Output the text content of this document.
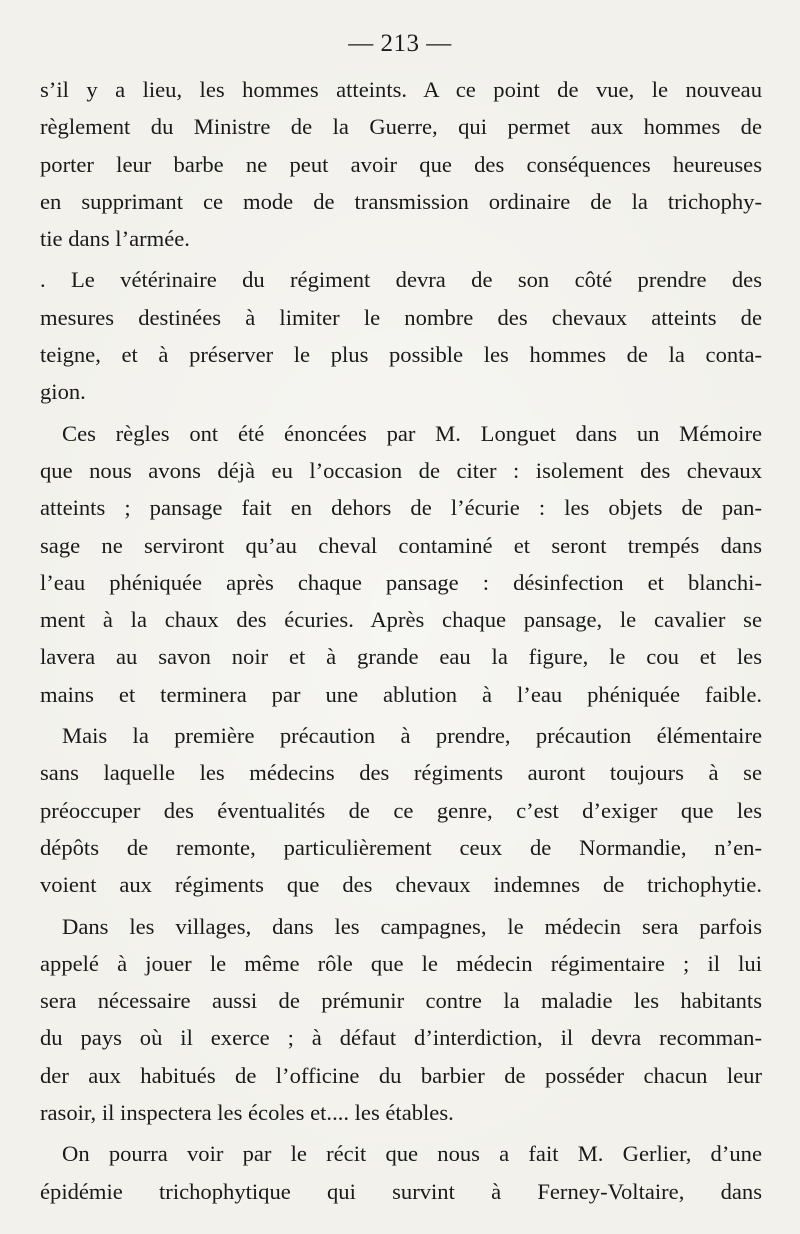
— 213 —
s’il y a lieu, les hommes atteints. A ce point de vue, le nouveau
règlement du Ministre de la Guerre, qui permet aux hommes de
porter leur barbe ne peut avoir que des conséquences heureuses
en supprimant ce mode de transmission ordinaire de la trichophy-
tie dans l’armée.
. Le vétérinaire du régiment devra de son côté prendre des
mesures destinées à limiter le nombre des chevaux atteints de
teigne, et à préserver le plus possible les hommes de la conta-
gion.
Ces règles ont été énoncées par M. Longuet dans un Mémoire
que nous avons déjà eu l’occasion de citer : isolement des chevaux
atteints ; pansage fait en dehors de l’écurie : les objets de pan-
sage ne serviront qu’au cheval contaminé et seront trempés dans
l’eau phéniquée après chaque pansage : désinfection et blanchi-
ment à la chaux des écuries. Après chaque pansage, le cavalier se
lavera au savon noir et à grande eau la figure, le cou et les
mains et terminera par une ablution à l’eau phéniquée faible.
Mais la première précaution à prendre, précaution élémentaire
sans laquelle les médecins des régiments auront toujours à se
préoccuper des éventualités de ce genre, c’est d’exiger que les
dépôts de remonte, particulièrement ceux de Normandie, n’en-
voient aux régiments que des chevaux indemnes de trichophytie.
Dans les villages, dans les campagnes, le médecin sera parfois
appelé à jouer le même rôle que le médecin régimentaire ; il lui
sera nécessaire aussi de prémunir contre la maladie les habitants
du pays où il exerce ; à défaut d’interdiction, il devra recomman-
der aux habitués de l’officine du barbier de posséder chacun leur
rasoir, il inspectera les écoles et.... les étables.
On pourra voir par le récit que nous a fait M. Gerlier, d’une
épidémie trichophytique qui survint à Ferney-Voltaire, dans
